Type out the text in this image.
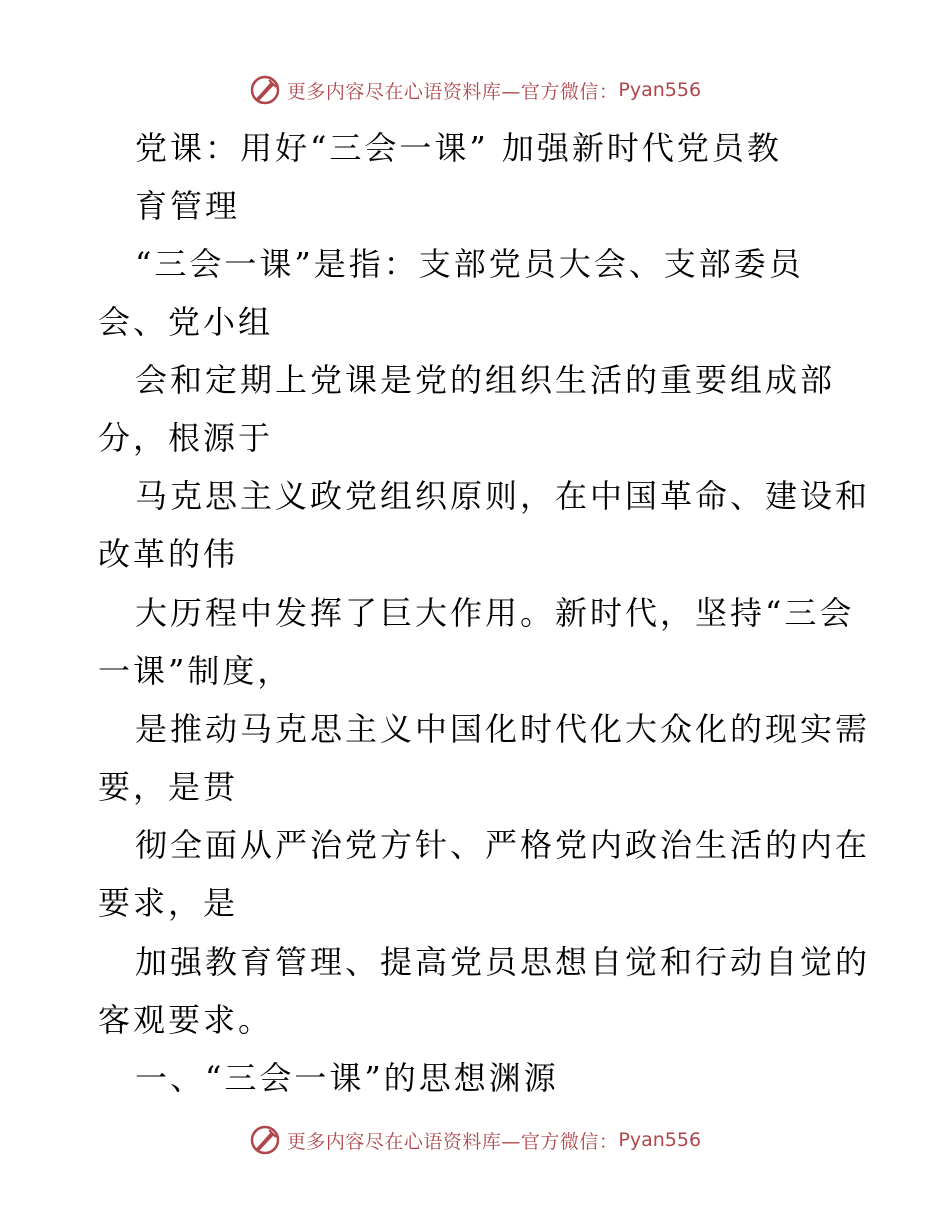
更多内容尽在心语资料库—官方微信： Pyan556
党课：用好“三会一课” 加强新时代党员教
育管理
“三会一课”是指：支部党员大会、支部委员
会、党小组
会和定期上党课是党的组织生活的重要组成部
分，根源于
马克思主义政党组织原则，在中国革命、建设和
改革的伟
大历程中发挥了巨大作用。新时代，坚持“三会
一课”制度，
是推动马克思主义中国化时代化大众化的现实需
要，是贯
彻全面从严治党方针、严格党内政治生活的内在
要求，是
加强教育管理、提高党员思想自觉和行动自觉的
客观要求。
一、“三会一课”的思想渊源
更多内容尽在心语资料库—官方微信： Pyan556
